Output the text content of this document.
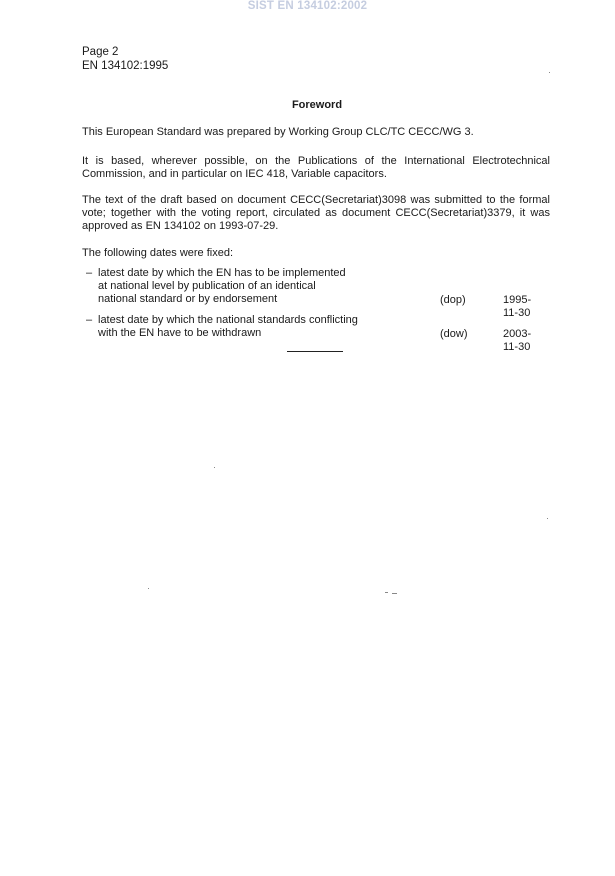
SIST EN 134102:2002
Page 2
EN 134102:1995
Foreword

This European Standard was prepared by Working Group CLC/TC CECC/WG 3.

It is based, wherever possible, on the Publications of the International Electrotechnical Commission, and in particular on IEC 418, Variable capacitors.

The text of the draft based on document CECC(Secretariat)3098 was submitted to the formal vote; together with the voting report, circulated as document CECC(Secretariat)3379, it was approved as EN 134102 on 1993-07-29.

The following dates were fixed:

– latest date by which the EN has to be implemented
at national level by publication of an identical
national standard or by endorsement	(dop)	1995-11-30
– latest date by which the national standards conflicting
with the EN have to be withdrawn	(dow)	2003-11-30
